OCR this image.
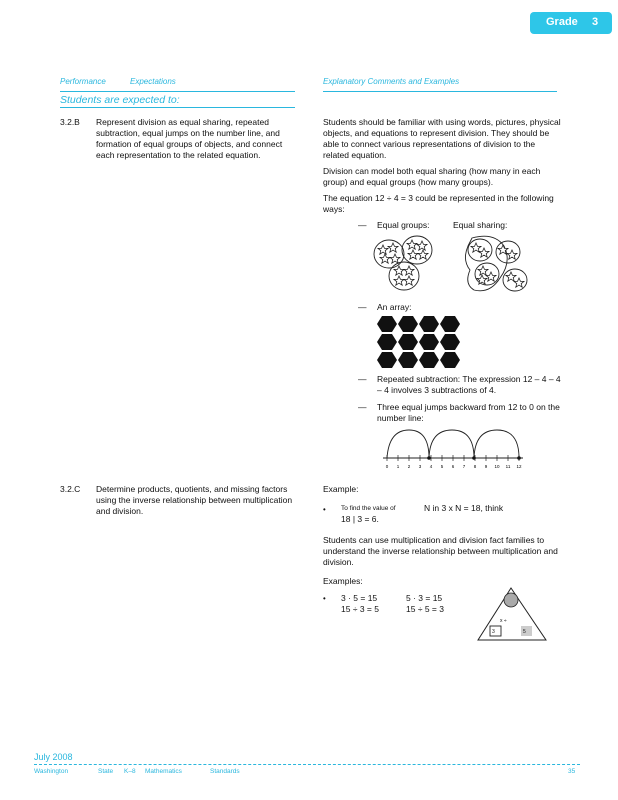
Grade 3
Performance	Expectations	Explanatory Comments and Examples
Students are expected to:
3.2.B Represent division as equal sharing, repeated subtraction, equal jumps on the number line, and formation of equal groups of objects, and connect each representation to the related equation.
Students should be familiar with using words, pictures, physical objects, and equations to represent division. They should be able to connect various representations of division to the related equation.
Division can model both equal sharing (how many in each group) and equal groups (how many groups).
The equation 12 ÷ 4 = 3 could be represented in the following ways:
— Equal groups:	Equal sharing:
— An array:
— Repeated subtraction: The expression 12 – 4 – 4 – 4 involves 3 subtractions of 4.
— Three equal jumps backward from 12 to 0 on the number line:
0 1 2 3 4 5 6 7 8 9 10 11 12
3.2.C Determine products, quotients, and missing factors using the inverse relationship between multiplication and division.
Example:
• To find the value of	N in 3 x N = 18, think
18 | 3 = 6.
Students can use multiplication and division fact families to understand the inverse relationship between multiplication and division.
Examples:
• 3 · 5 = 15	5 · 3 = 15
15 ÷ 3 = 5	15 ÷ 5 = 3
x ÷
3	5
July 2008
Washington	State K–8 Mathematics	Standards	35
